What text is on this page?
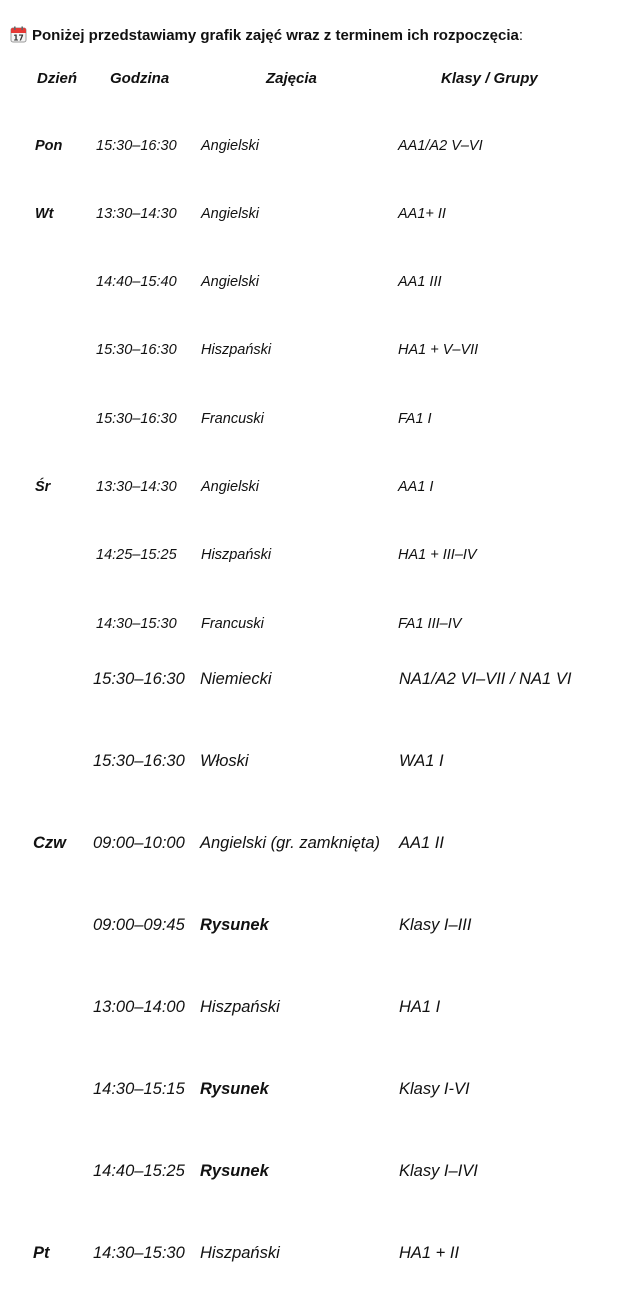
17 Poniżej przedstawiamy grafik zajęć wraz z terminem ich rozpoczęcia:
Dzień Godzina	Zajęcia	Klasy / Grupy
Pon 15:30–16:30 Angielski	AA1/A2 V–VI
Wt	13:30–14:30 Angielski	AA1+ II
14:40–15:40 Angielski	AA1 III
15:30–16:30 Hiszpański	HA1 + V–VII
15:30–16:30 Francuski	FA1 I
Śr	13:30–14:30 Angielski	AA1 I
14:25–15:25 Hiszpański	HA1 + III–IV
14:30–15:30 Francuski	FA1 III–IV
15:30–16:30 Niemiecki	NA1/A2 VI–VII / NA1 VI
15:30–16:30 Włoski	WA1 I
Czw 09:00–10:00 Angielski (gr. zamknięta) AA1 II
09:00–09:45 Rysunek	Klasy I–III
13:00–14:00 Hiszpański	HA1 I
14:30–15:15 Rysunek	Klasy I-VI
14:40–15:25 Rysunek	Klasy I–IVI
Pt	14:30–15:30 Hiszpański	HA1 + II
